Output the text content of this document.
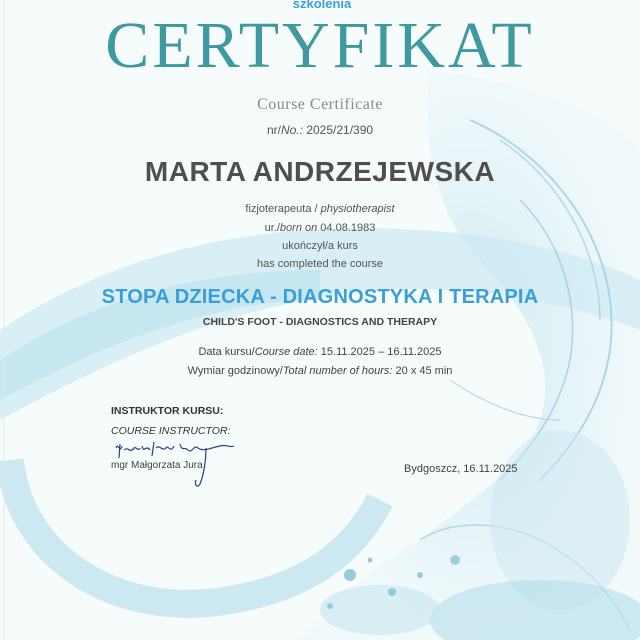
szkolenia
CERTYFIKAT
Course Certificate
nr/No.: 2025/21/390
MARTA ANDRZEJEWSKA
fizjoterapeuta / physiotherapist
ur./born on 04.08.1983
ukończył/a kurs
has completed the course
STOPA DZIECKA - DIAGNOSTYKA I TERAPIA
CHILD'S FOOT - DIAGNOSTICS AND THERAPY
Data kursu/Course date: 15.11.2025 – 16.11.2025
Wymiar godzinowy/Total number of hours: 20 x 45 min
INSTRUKTOR KURSU:
COURSE INSTRUCTOR:
mgr Małgorzata Jura	Bydgoszcz, 16.11.2025
